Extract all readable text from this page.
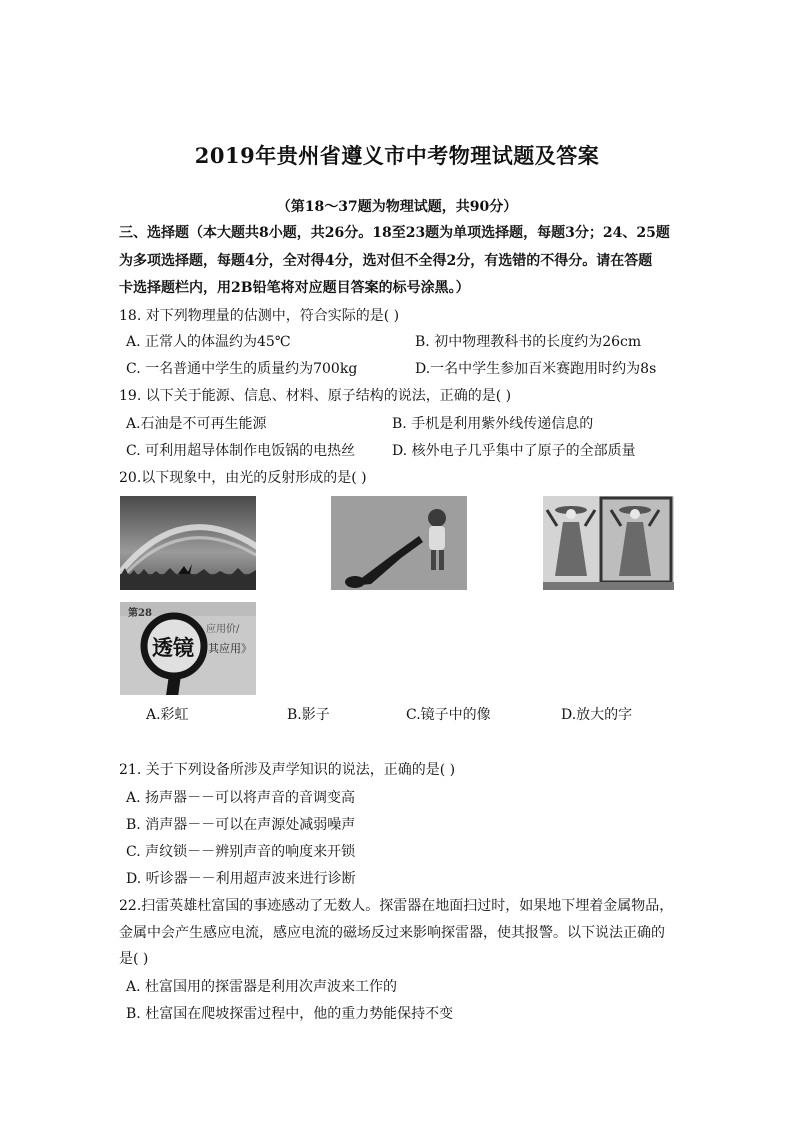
2019年贵州省遵义市中考物理试题及答案
（第18～37题为物理试题，共90分）
三、选择题（本大题共8小题，共26分。18至23题为单项选择题，每题3分；24、25题
为多项选择题，每题4分，全对得4分，选对但不全得2分，有选错的不得分。请在答题
卡选择题栏内，用2B铅笔将对应题目答案的标号涂黑。）
18. 对下列物理量的估测中，符合实际的是( )
A. 正常人的体温约为45℃	B. 初中物理教科书的长度约为26cm
C. 一名普通中学生的质量约为700kg	D.一名中学生参加百米赛跑用时约为8s
19. 以下关于能源、信息、材料、原子结构的说法，正确的是( )
A.石油是不可再生能源	B. 手机是利用紫外线传递信息的
C. 可利用超导体制作电饭锅的电热丝	D. 核外电子几乎集中了原子的全部质量
20.以下现象中，由光的反射形成的是( )
第28
透镜 其应用》
应用价/
A.彩虹	B.影子	C.镜子中的像	D.放大的字
21. 关于下列设备所涉及声学知识的说法，正确的是( )
A. 扬声器－－可以将声音的音调变高
B. 消声器－－可以在声源处减弱噪声
C. 声纹锁－－辨别声音的响度来开锁
D. 听诊器－－利用超声波来进行诊断
22.扫雷英雄杜富国的事迹感动了无数人。探雷器在地面扫过时，如果地下埋着金属物品，
金属中会产生感应电流，感应电流的磁场反过来影响探雷器，使其报警。以下说法正确的
是( )
A. 杜富国用的探雷器是利用次声波来工作的
B. 杜富国在爬坡探雷过程中，他的重力势能保持不变
